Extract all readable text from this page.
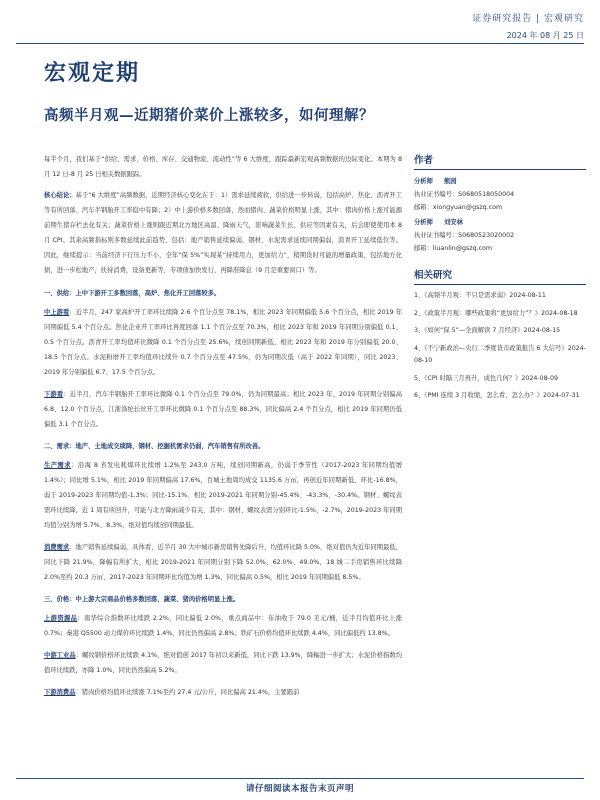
证券研究报告 | 宏观研究
2024 年 08 月 25 日
宏观定期
高频半月观—近期猪价菜价上涨较多，如何理解？

每半个月，我们基于“供给、需求、价格、库存、交通物流、流动性”等 6 大维度，跟踪最新宏观高频数据的边际变化。本期为 8 月 12 日-8 月 25 日相关数据跟踪。

核心结论：基于“6 大维度”高频数据，近期经济核心变化在于：1）需求延续疲软，供给进一步转弱，包括高炉、焦化、沥青开工等有所回落、汽车半钢胎开工率稳中有降；2）中上游价格多数回落，然而猪肉、蔬菜价格明显上涨，其中：猪肉价格上涨可能源前期生猪存栏去化有关；蔬菜价格上涨则跟近期北方地区高温、降雨天气，影响蔬菜生长、供应等因素有关，后会即使使用本 8 月 CPI。其余高频指标则多数延续此前趋势，包括：地产销售延续偏弱，钢材、水泥需求延续同期偏弱，沥青开工延续低位等。因此，继续提示：当前经济下行压力不小，全年“保 5%”实现某“持续用力，更加给力”，稍期货时可能的增量政策，包括地方化债，进一步松地产，扶持消费，设备更新等，专项债加快发行，再降准降息（9 月是重要窗口）等。

一、供给：上中下游开工多数回落，高炉、焦化开工回落较多。

中上游看：近半月，247 家高炉开工率环比续降 2.6 个百分点至 78.1%，相比 2023 年同期偏低 5.6 个百分点，相比 2019 年同期偏低 5.4 个百分点。焦化企业开工率环比再度回落 1.1 个百分点至 70.3%，相比 2023 年和 2019 年同期分别偏低 0.1、0.5 个百分点。沥青开工率均值环比微降 0.1 个百分点至 25.6%，续创同期新低，相比 2023 年和 2019 年分别偏低 20.0、18.5 个百分点。水泥粉磨开工率均值环比续升 0.7 个百分点至 47.5%，仍为同期次低（高于 2022 年同期），同比 2023、2019 年分别偏低 6.7、17.5 个百分点。

下游看：近半月，汽车半钢胎开工率环比微降 0.1 个百分点至 79.0%，仍为同期最高；相比 2023 年、2019 年同期分别偏高 6.8、12.0 个百分点，江浙涤纶长丝开工率环比微降 0.1 个百分点至 88.3%，同比偏高 2.4 个百分点，相比 2019 年同期仍低偏低 3.1 个百分点。

二、需求：地产、土地成交续降，钢材、挖掘机需求仍弱，汽车销售有所改善。

生产需求：沿海 8 省发电耗煤环比续增 1.2%至 243.0 万吨，续创同期新高，仍弱于季节性（2017-2023 年同期均值增 1.4%）；同比增 5.1%，相比 2019 年同期偏高 17.6%，百城土地周均成交 1135.6 万㎡，再创近年同期新低，环比-16.8%，弱于 2019-2023 年同期均值-1.3%；同比-15.1%、相比 2019-2021 年同期分别-45.4%、-43.3%、-30.4%。钢材、螺纹表需环比续降，近 1 周有所回升，可能与北方降雨减少有关，其中：钢材、螺纹表需分别环比-1.5%、-2.7%，2019-2023 年同期均值分别为增 5.7%、8.3%，绝对值均续创同期最低。

消费需求：地产销售延续偏弱，具体看，近半月 30 大中城市新房销售先降后升，均值环比降 5.0%，绝对值仍为近年同期最低，同比下降 21.9%，降幅有所扩大，相比 2019-2021 年同期分别下降 52.0%、62.0%、49.0%，18 城二手房销售环比续降 2.0%至约 20.3 万㎡，2017-2023 年同期环比均值为增 1.3%，同比偏高 0.5%，相比 2019 年同期偏低 8.5%。

三、价格：中上游大宗商品价格多数回落，蔬菜、猪肉价格明显上涨。

上游资源品：南华综合指数环比续跌 2.2%，同比偏低 2.0%，重点商品中：布油收于 79.0 美元/桶，近半月均值环比上涨 0.7%；秦港 Q5500 动力煤价环比续跌 1.4%，同比仍然偏高 2.8%；铁矿石价格均值环比续跌 4.4%，同比偏低约 13.8%。

中游工业品：螺纹钢价格环比续跌 4.1%，绝对值创 2017 年初以来新低，同比下跌 13.9%，降幅进一步扩大；水泥价格指数均值环比续跌，亦降 1.0%，同比仍然偏高 5.2%。

下游消费品：猪肉价格均值环比续涨 7.1%至约 27.4 元/公斤，同比偏高 21.4%，主要跟前

作者
分析师 熊园
执业证书编号：S0680518050004
邮箱：xiongyuan@gszq.com
分析师 刘安林
执业证书编号：S0680523020002
邮箱：liuanlin@gszq.com
相关研究
1、《高频半月观：不只是需求弱》2024-08-11
2、《政策半月观：哪些政策将“更加给力”？》2024-08-18
3、《如何“保 5”—全面解读 7 月经济》2024-08-15
4、《不宁新政治—央行二季度货币政策报告 6 大信号》2024-08-10
5、《CPI 时隔三月再升，成色几何？》2024-08-09
6、《PMI 连续 3 月收缩，怎么看，怎么办？》2024-07-31
请仔细阅读本报告末页声明
